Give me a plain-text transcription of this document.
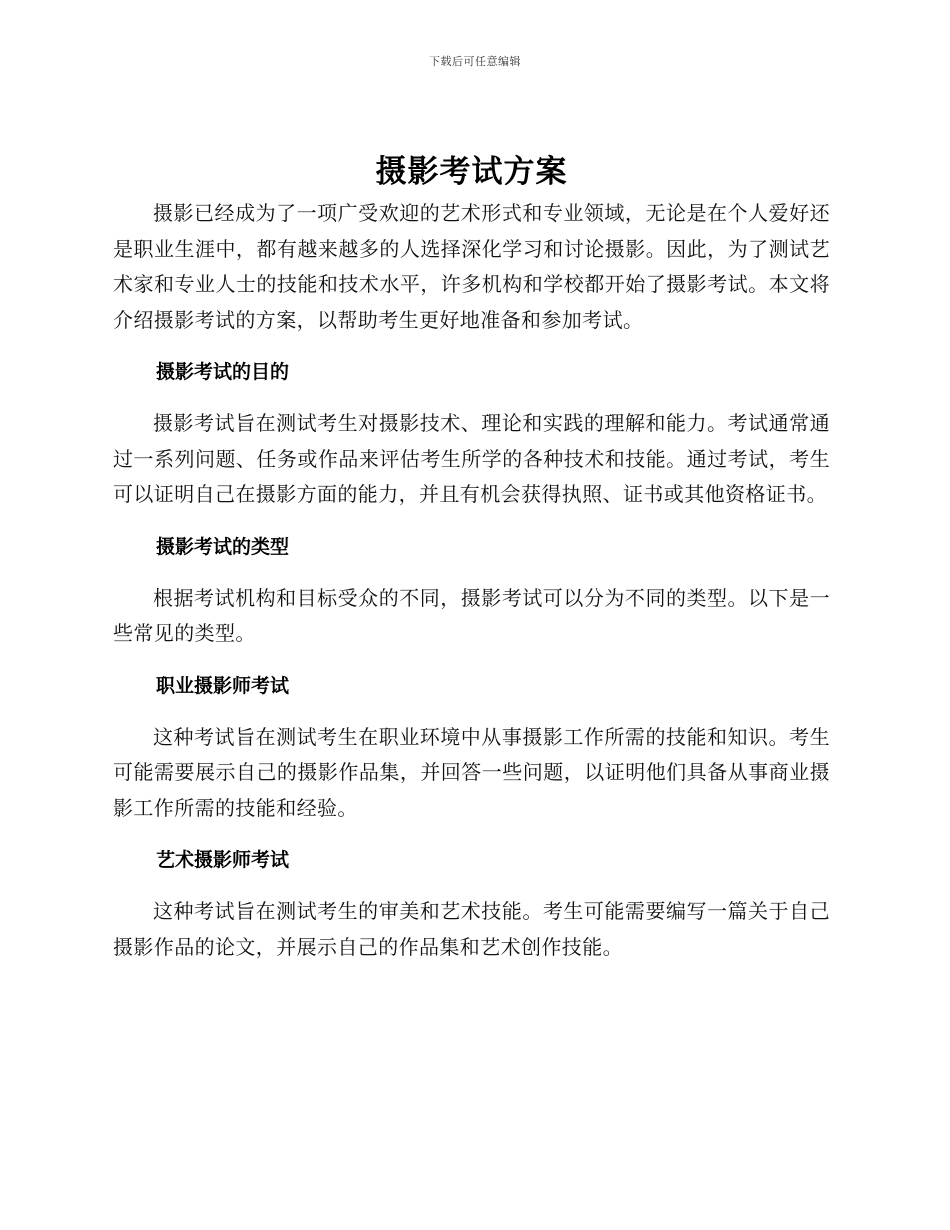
下载后可任意编辑
摄影考试方案

摄影已经成为了一项广受欢迎的艺术形式和专业领域，无论是在个人爱好还是职业生涯中，都有越来越多的人选择深化学习和讨论摄影。因此，为了测试艺术家和专业人士的技能和技术水平，许多机构和学校都开始了摄影考试。本文将介绍摄影考试的方案，以帮助考生更好地准备和参加考试。

摄影考试的目的

摄影考试旨在测试考生对摄影技术、理论和实践的理解和能力。考试通常通过一系列问题、任务或作品来评估考生所学的各种技术和技能。通过考试，考生可以证明自己在摄影方面的能力，并且有机会获得执照、证书或其他资格证书。

摄影考试的类型

根据考试机构和目标受众的不同，摄影考试可以分为不同的类型。以下是一些常见的类型。

职业摄影师考试

这种考试旨在测试考生在职业环境中从事摄影工作所需的技能和知识。考生可能需要展示自己的摄影作品集，并回答一些问题，以证明他们具备从事商业摄影工作所需的技能和经验。

艺术摄影师考试

这种考试旨在测试考生的审美和艺术技能。考生可能需要编写一篇关于自己摄影作品的论文，并展示自己的作品集和艺术创作技能。
